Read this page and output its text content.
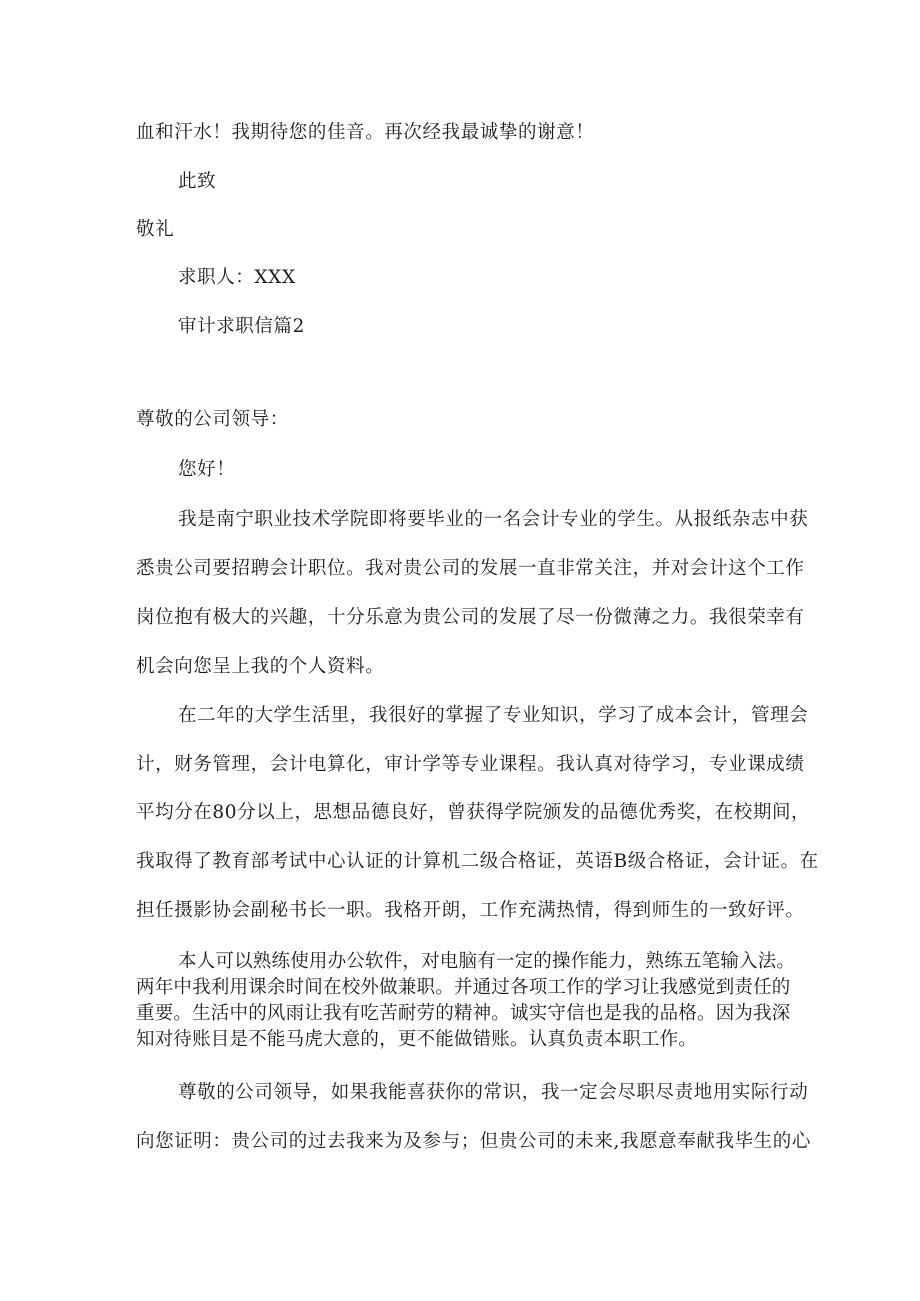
血和汗水！我期待您的佳音。再次经我最诚挚的谢意！
此致
敬礼
求职人：XXX
审计求职信篇2
尊敬的公司领导：
您好！
我是南宁职业技术学院即将要毕业的一名会计专业的学生。从报纸杂志中获
悉贵公司要招聘会计职位。我对贵公司的发展一直非常关注，并对会计这个工作
岗位抱有极大的兴趣，十分乐意为贵公司的发展了尽一份微薄之力。我很荣幸有
机会向您呈上我的个人资料。
在二年的大学生活里，我很好的掌握了专业知识，学习了成本会计，管理会
计，财务管理，会计电算化，审计学等专业课程。我认真对待学习，专业课成绩
平均分在80分以上，思想品德良好，曾获得学院颁发的品德优秀奖，在校期间，
我取得了教育部考试中心认证的计算机二级合格证，英语B级合格证，会计证。在
担任摄影协会副秘书长一职。我格开朗，工作充满热情，得到师生的一致好评。
本人可以熟练使用办公软件，对电脑有一定的操作能力，熟练五笔输入法。
两年中我利用课余时间在校外做兼职。并通过各项工作的学习让我感觉到责任的
重要。生活中的风雨让我有吃苦耐劳的精神。诚实守信也是我的品格。因为我深
知对待账目是不能马虎大意的，更不能做错账。认真负责本职工作。
尊敬的公司领导，如果我能喜获你的常识，我一定会尽职尽责地用实际行动
向您证明：贵公司的过去我来为及参与；但贵公司的未来,我愿意奉献我毕生的心
